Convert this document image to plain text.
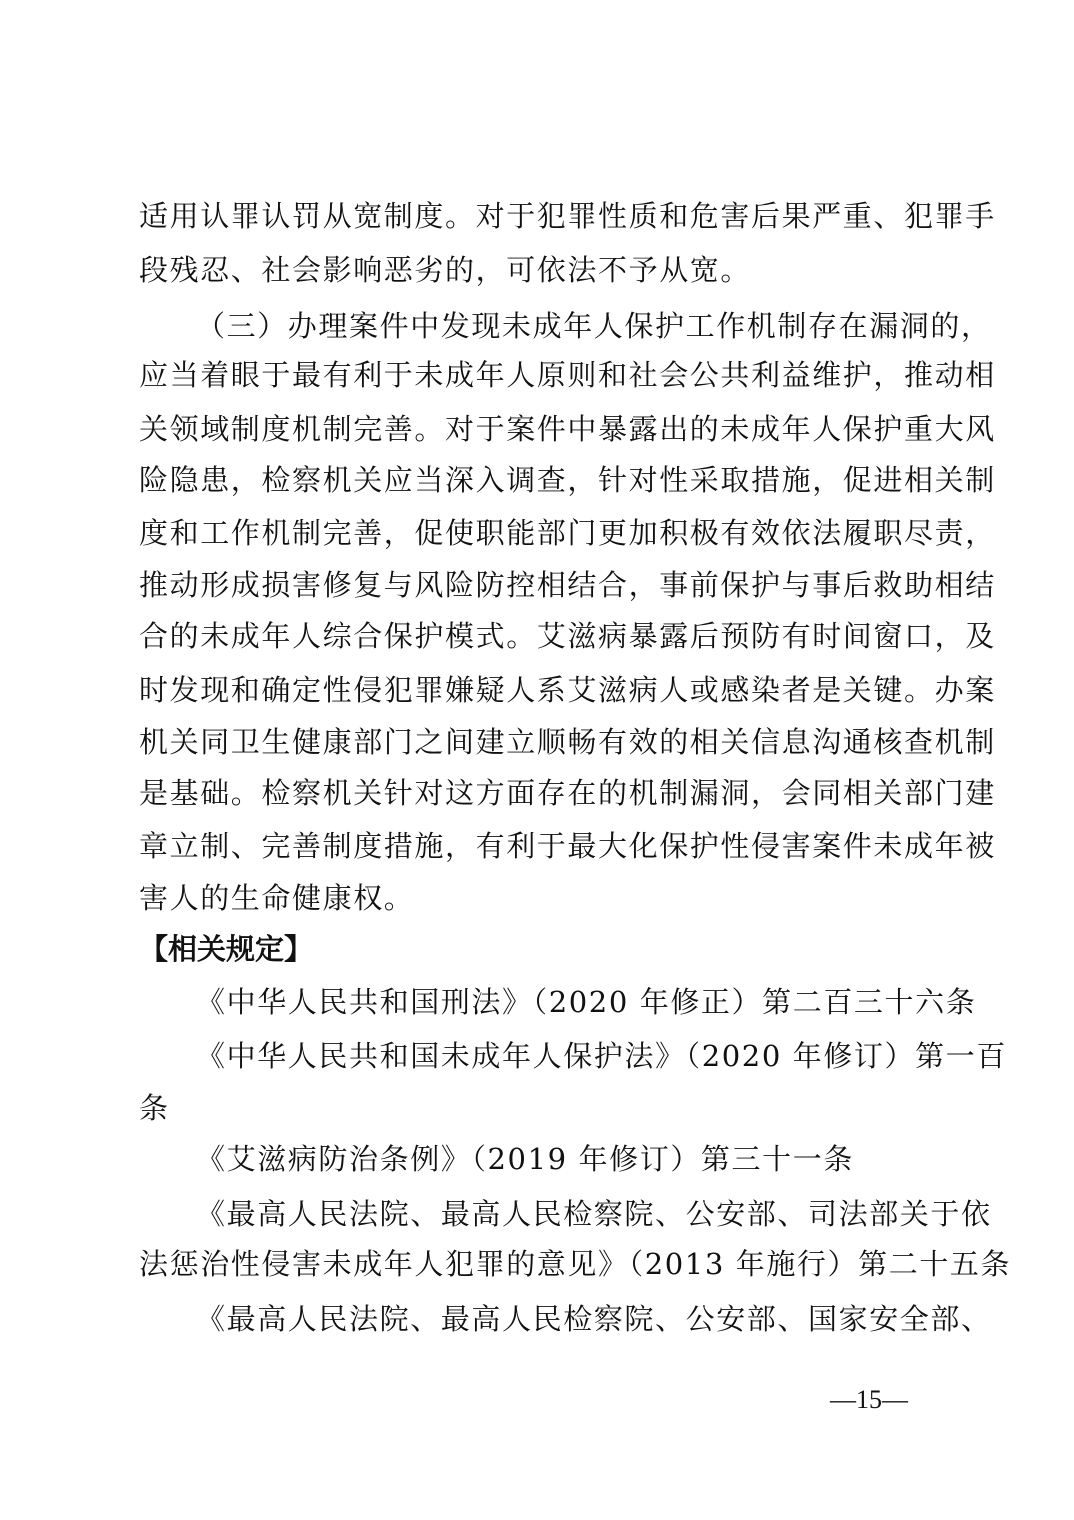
适用认罪认罚从宽制度。对于犯罪性质和危害后果严重、犯罪手
段残忍、社会影响恶劣的，可依法不予从宽。
（三）办理案件中发现未成年人保护工作机制存在漏洞的，
应当着眼于最有利于未成年人原则和社会公共利益维护，推动相
关领域制度机制完善。对于案件中暴露出的未成年人保护重大风
险隐患，检察机关应当深入调查，针对性采取措施，促进相关制
度和工作机制完善，促使职能部门更加积极有效依法履职尽责，
推动形成损害修复与风险防控相结合，事前保护与事后救助相结
合的未成年人综合保护模式。艾滋病暴露后预防有时间窗口，及
时发现和确定性侵犯罪嫌疑人系艾滋病人或感染者是关键。办案
机关同卫生健康部门之间建立顺畅有效的相关信息沟通核查机制
是基础。检察机关针对这方面存在的机制漏洞，会同相关部门建
章立制、完善制度措施，有利于最大化保护性侵害案件未成年被
害人的生命健康权。
【相关规定】
《中华人民共和国刑法》（2020 年修正）第二百三十六条
《中华人民共和国未成年人保护法》（2020 年修订）第一百
条
《艾滋病防治条例》（2019 年修订）第三十一条
《最高人民法院、最高人民检察院、公安部、司法部关于依
法惩治性侵害未成年人犯罪的意见》（2013 年施行）第二十五条
《最高人民法院、最高人民检察院、公安部、国家安全部、
—15—
